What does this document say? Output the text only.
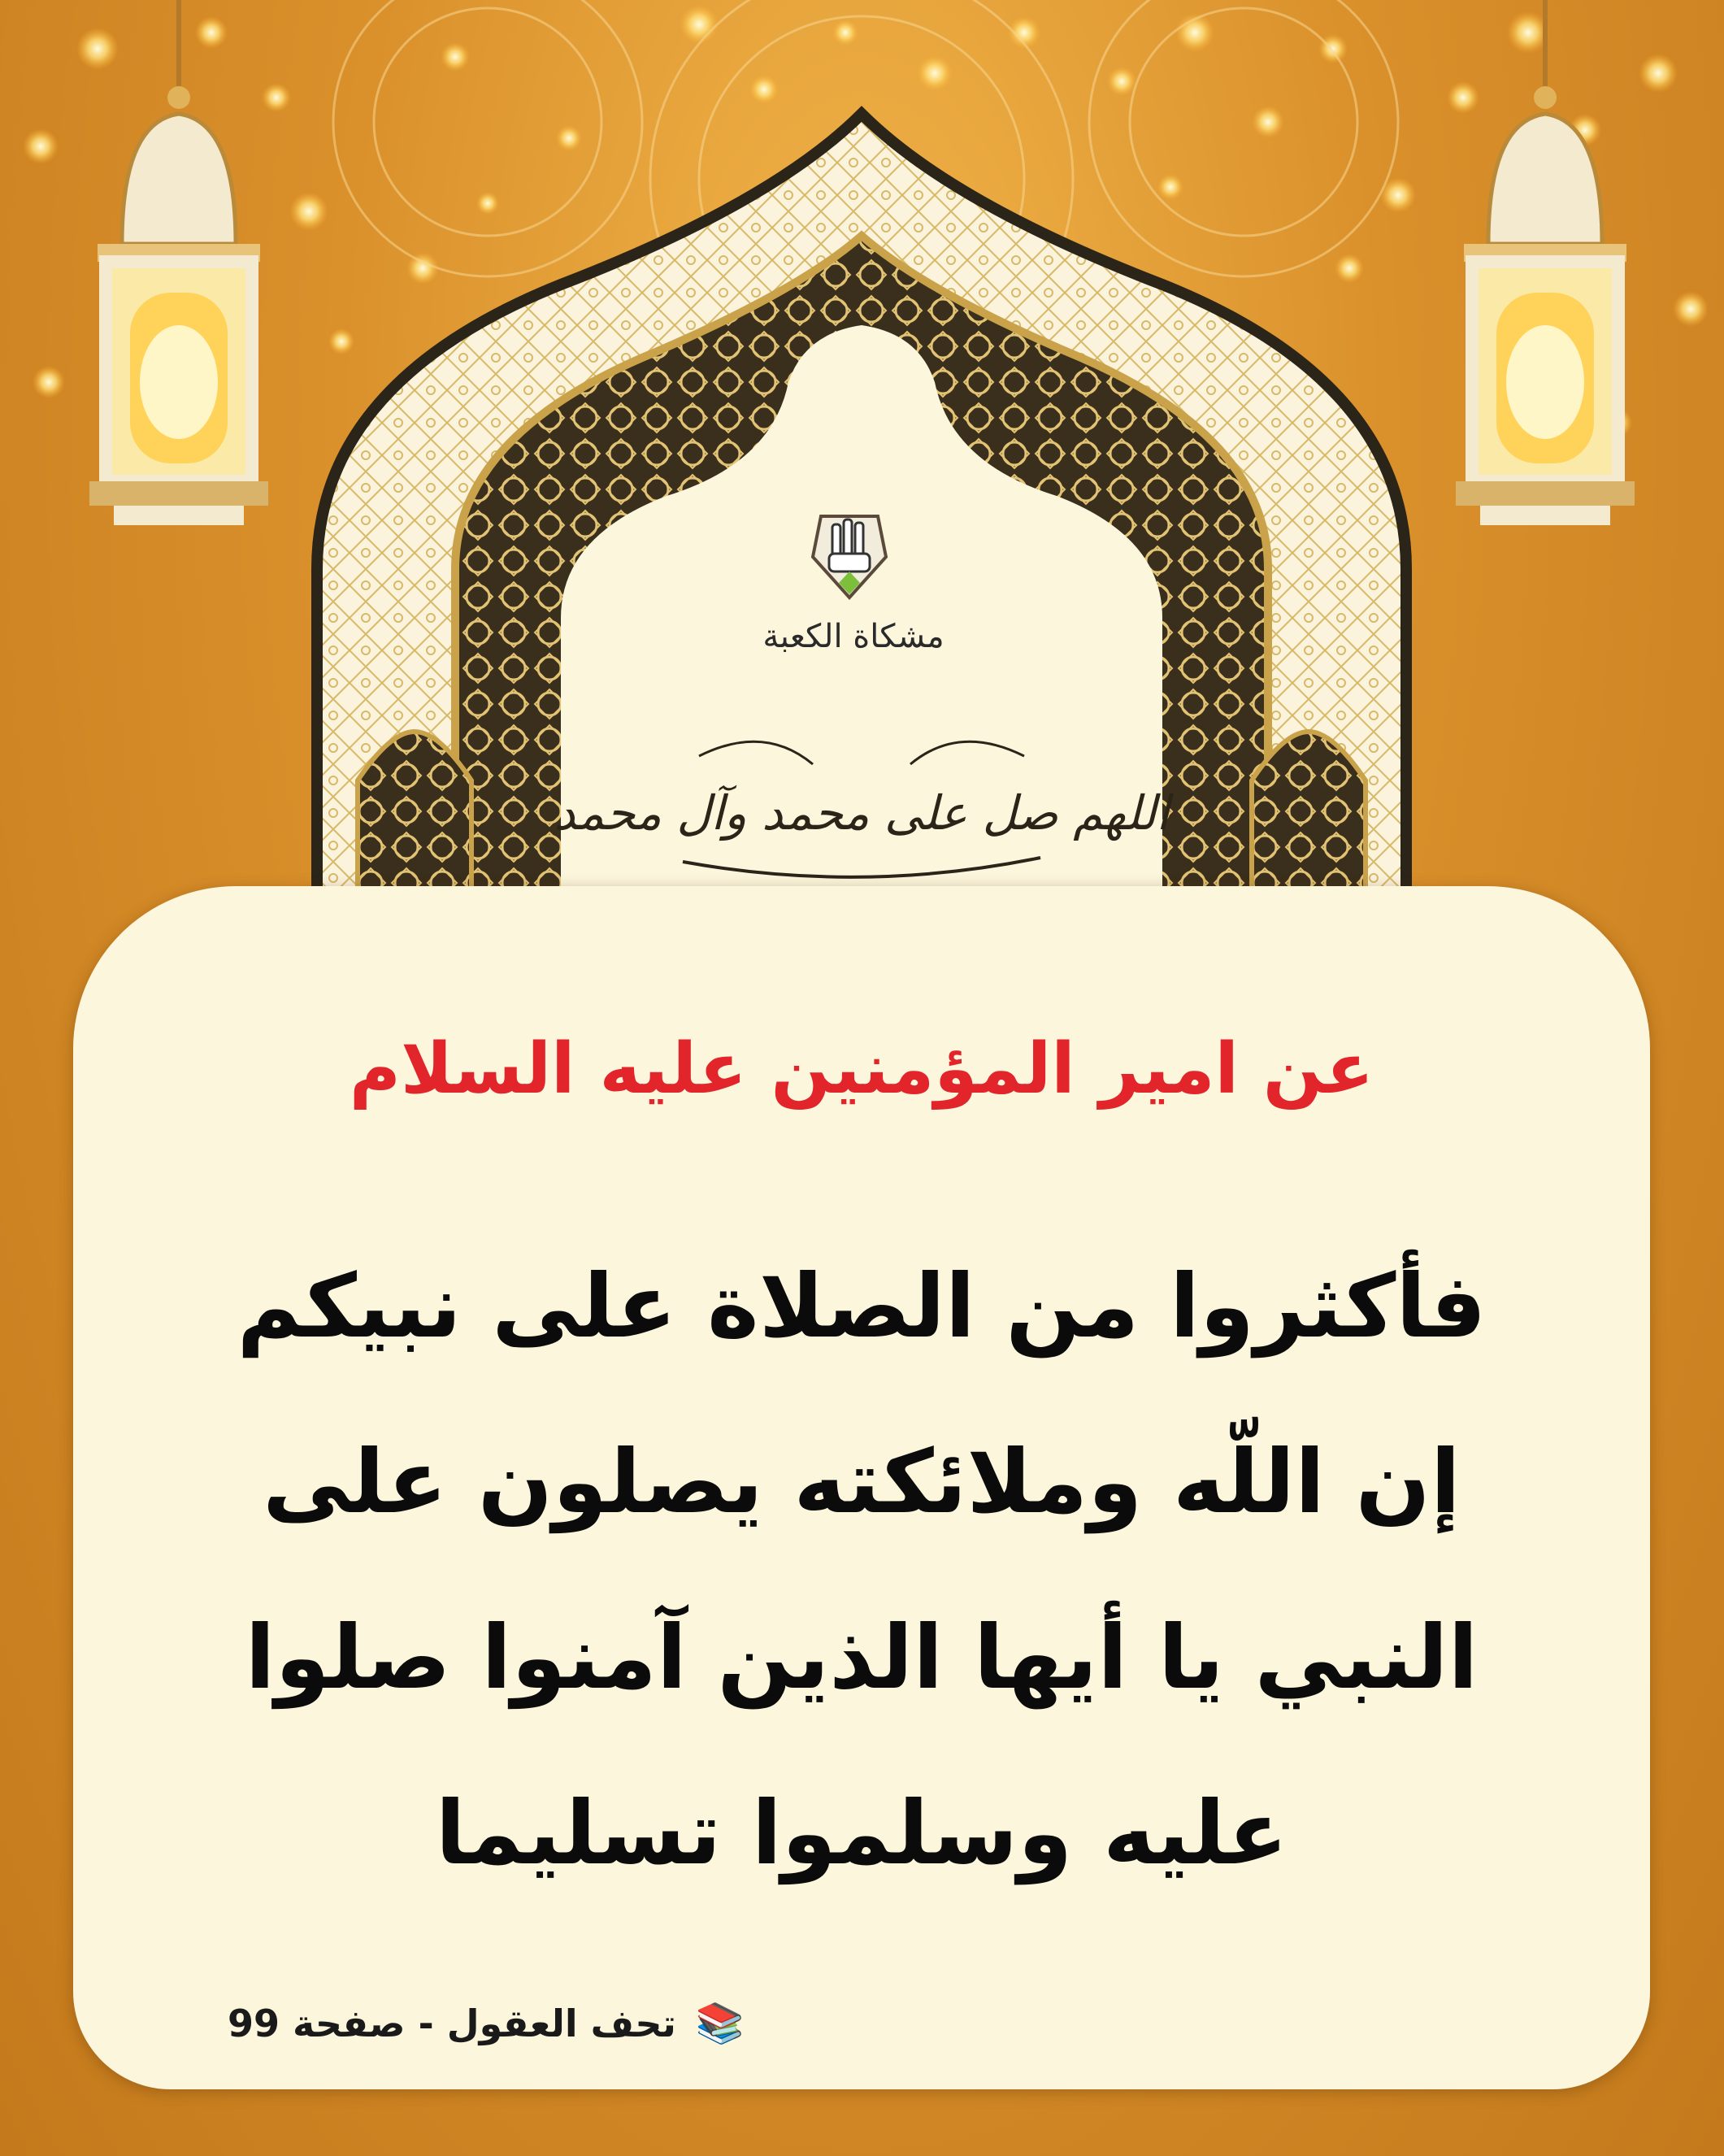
مشكاة الكعبة
اللهم صل على محمد وآل محمد
عن امير المؤمنين عليه السلام
فأكثروا من الصلاة على نبيكم
إن اللّه وملائكته يصلون على
النبي يا أيها الذين آمنوا صلوا
عليه وسلموا تسليما
📚 تحف العقول - صفحة 99
